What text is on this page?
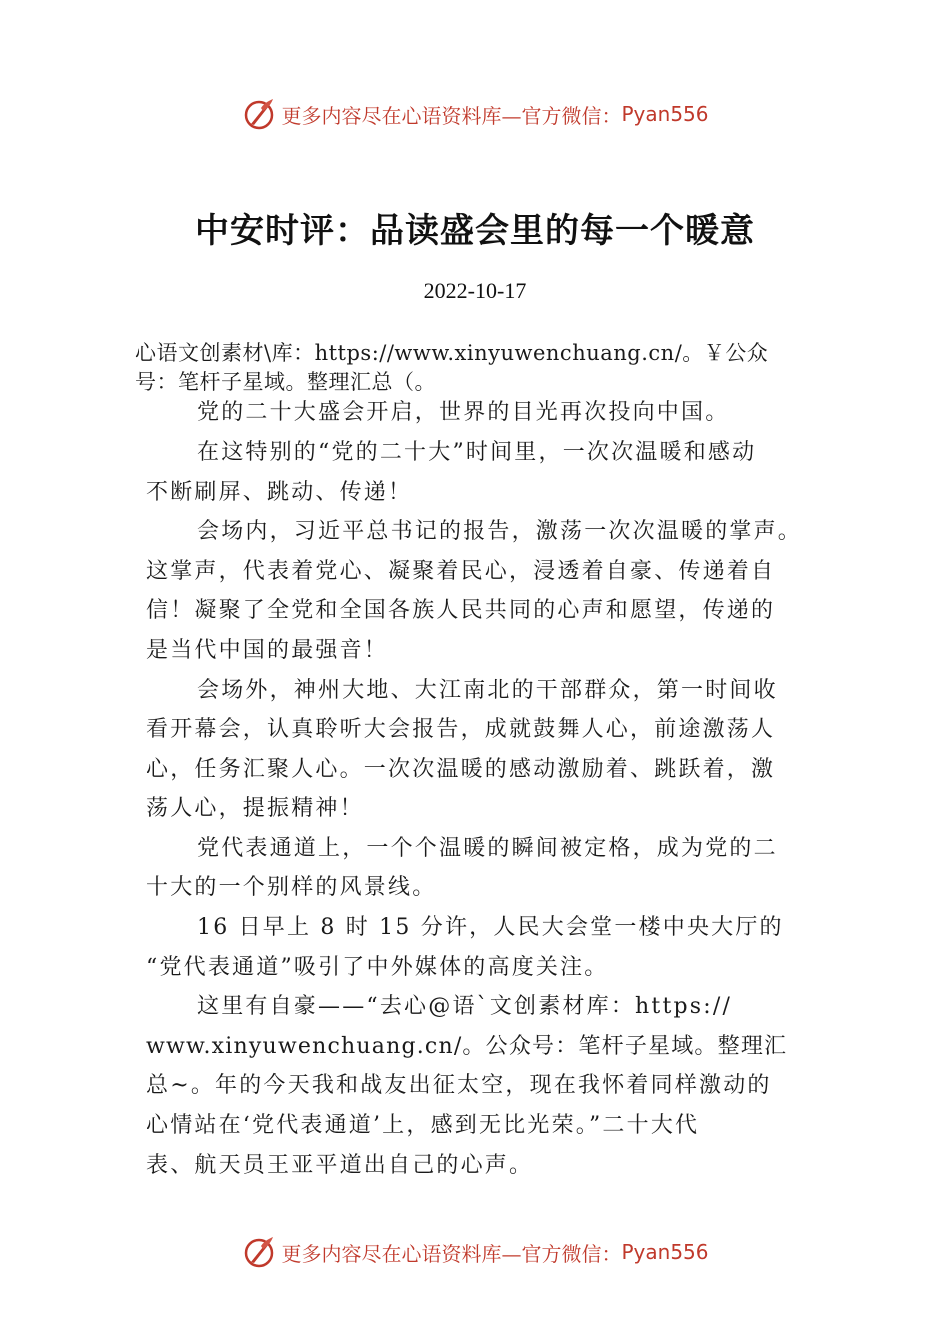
更多内容尽在心语资料库—官方微信： Pyan556
中安时评：品读盛会里的每一个暖意
2022-10-17
心语文创素材\库：https://www.xinyuwenchuang.cn/。￥公众
号：笔杆子星域。整理汇总（。
党的二十大盛会开启，世界的目光再次投向中国。
在这特别的“党的二十大”时间里，一次次温暖和感动
不断刷屏、跳动、传递！
会场内，习近平总书记的报告，激荡一次次温暖的掌声。
这掌声，代表着党心、凝聚着民心，浸透着自豪、传递着自
信！凝聚了全党和全国各族人民共同的心声和愿望，传递的
是当代中国的最强音！
会场外，神州大地、大江南北的干部群众，第一时间收
看开幕会，认真聆听大会报告，成就鼓舞人心，前途激荡人
心，任务汇聚人心。一次次温暖的感动激励着、跳跃着，激
荡人心，提振精神！
党代表通道上，一个个温暖的瞬间被定格，成为党的二
十大的一个别样的风景线。
16 日早上 8 时 15 分许，人民大会堂一楼中央大厅的
“党代表通道”吸引了中外媒体的高度关注。
这里有自豪——“去心@语`文创素材库：https://
www.xinyuwenchuang.cn/。公众号：笔杆子星域。整理汇
总~。年的今天我和战友出征太空，现在我怀着同样激动的
心情站在‘党代表通道’上，感到无比光荣。”二十大代
表、航天员王亚平道出自己的心声。
更多内容尽在心语资料库—官方微信： Pyan556
